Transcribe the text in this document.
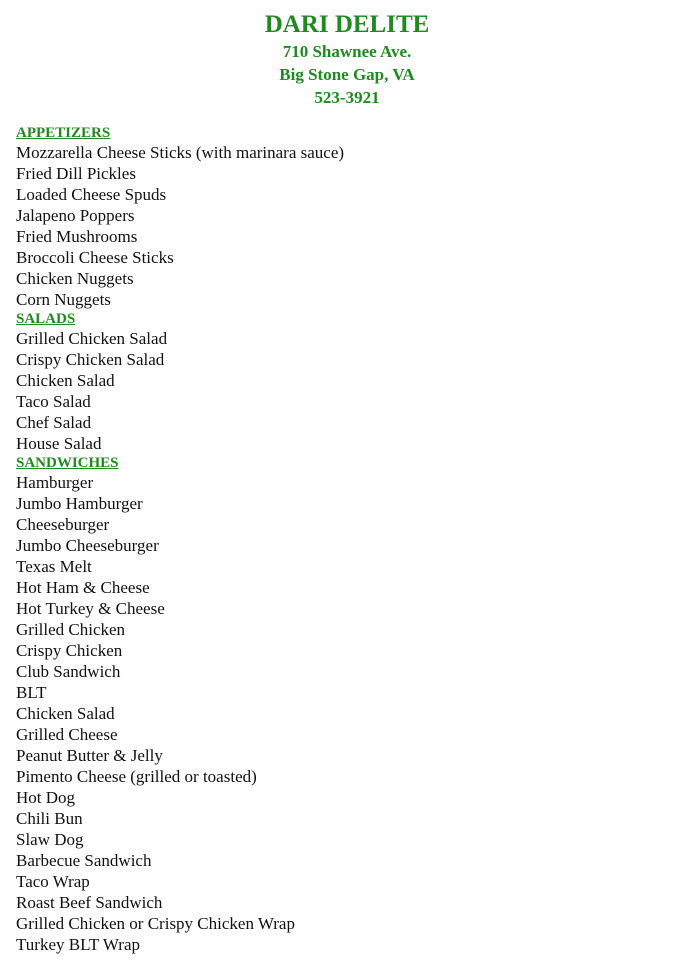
DARI DELITE
710 Shawnee Ave.
Big Stone Gap, VA
523-3921
APPETIZERS
Mozzarella Cheese Sticks (with marinara sauce)
Fried Dill Pickles
Loaded Cheese Spuds
Jalapeno Poppers
Fried Mushrooms
Broccoli Cheese Sticks
Chicken Nuggets
Corn Nuggets
SALADS
Grilled Chicken Salad
Crispy Chicken Salad
Chicken Salad
Taco Salad
Chef Salad
House Salad
SANDWICHES
Hamburger
Jumbo Hamburger
Cheeseburger
Jumbo Cheeseburger
Texas Melt
Hot Ham & Cheese
Hot Turkey & Cheese
Grilled Chicken
Crispy Chicken
Club Sandwich
BLT
Chicken Salad
Grilled Cheese
Peanut Butter & Jelly
Pimento Cheese (grilled or toasted)
Hot Dog
Chili Bun
Slaw Dog
Barbecue Sandwich
Taco Wrap
Roast Beef Sandwich
Grilled Chicken or Crispy Chicken Wrap
Turkey BLT Wrap
